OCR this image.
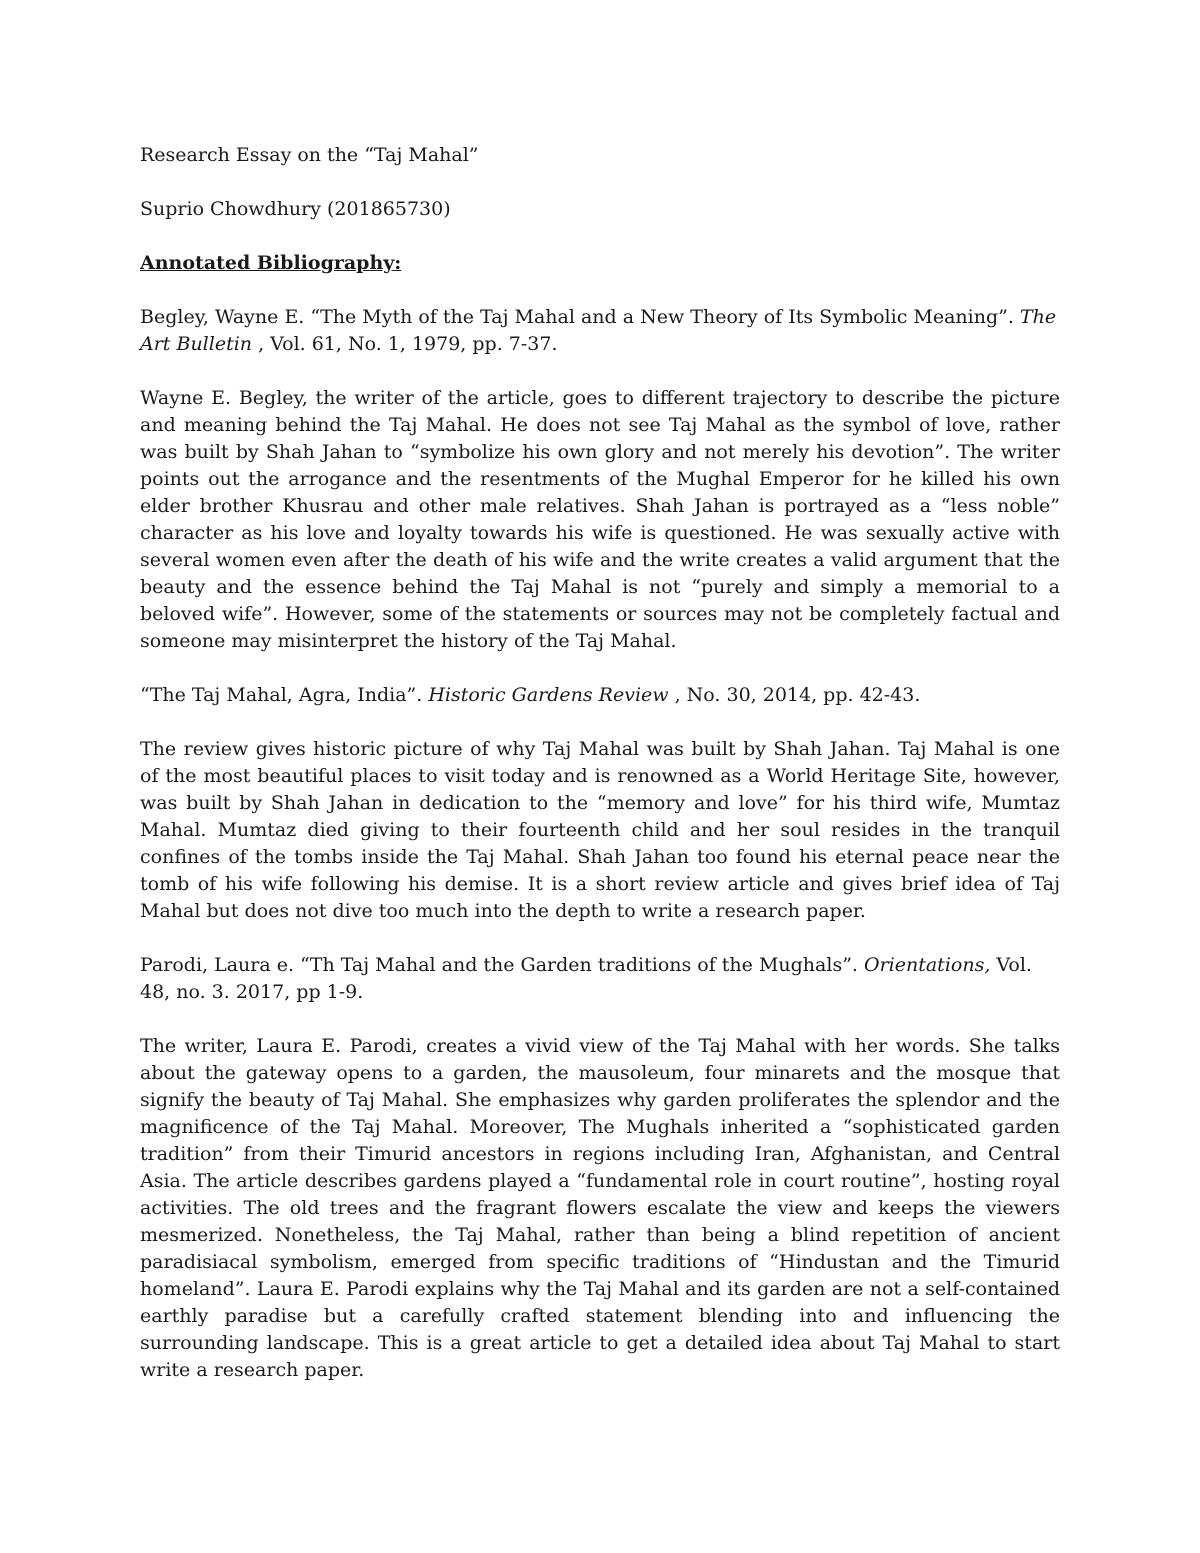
Research Essay on the “Taj Mahal”

Suprio Chowdhury (201865730)

Annotated Bibliography:

Begley, Wayne E. “The Myth of the Taj Mahal and a New Theory of Its Symbolic Meaning”. The Art Bulletin , Vol. 61, No. 1, 1979, pp. 7-37.

Wayne E. Begley, the writer of the article, goes to different trajectory to describe the picture and meaning behind the Taj Mahal. He does not see Taj Mahal as the symbol of love, rather was built by Shah Jahan to “symbolize his own glory and not merely his devotion”. The writer points out the arrogance and the resentments of the Mughal Emperor for he killed his own elder brother Khusrau and other male relatives. Shah Jahan is portrayed as a “less noble” character as his love and loyalty towards his wife is questioned. He was sexually active with several women even after the death of his wife and the write creates a valid argument that the beauty and the essence behind the Taj Mahal is not “purely and simply a memorial to a beloved wife”. However, some of the statements or sources may not be completely factual and someone may misinterpret the history of the Taj Mahal.

“The Taj Mahal, Agra, India”. Historic Gardens Review , No. 30, 2014, pp. 42-43.

The review gives historic picture of why Taj Mahal was built by Shah Jahan. Taj Mahal is one of the most beautiful places to visit today and is renowned as a World Heritage Site, however, was built by Shah Jahan in dedication to the “memory and love” for his third wife, Mumtaz Mahal. Mumtaz died giving to their fourteenth child and her soul resides in the tranquil confines of the tombs inside the Taj Mahal. Shah Jahan too found his eternal peace near the tomb of his wife following his demise. It is a short review article and gives brief idea of Taj Mahal but does not dive too much into the depth to write a research paper.

Parodi, Laura e. “Th Taj Mahal and the Garden traditions of the Mughals”. Orientations, Vol. 48, no. 3. 2017, pp 1-9.

The writer, Laura E. Parodi, creates a vivid view of the Taj Mahal with her words. She talks about the gateway opens to a garden, the mausoleum, four minarets and the mosque that signify the beauty of Taj Mahal. She emphasizes why garden proliferates the splendor and the magnificence of the Taj Mahal. Moreover, The Mughals inherited a “sophisticated garden tradition” from their Timurid ancestors in regions including Iran, Afghanistan, and Central Asia. The article describes gardens played a “fundamental role in court routine”, hosting royal activities. The old trees and the fragrant flowers escalate the view and keeps the viewers mesmerized. Nonetheless, the Taj Mahal, rather than being a blind repetition of ancient paradisiacal symbolism, emerged from specific traditions of “Hindustan and the Timurid homeland”. Laura E. Parodi explains why the Taj Mahal and its garden are not a self-contained earthly paradise but a carefully crafted statement blending into and influencing the surrounding landscape. This is a great article to get a detailed idea about Taj Mahal to start write a research paper.
